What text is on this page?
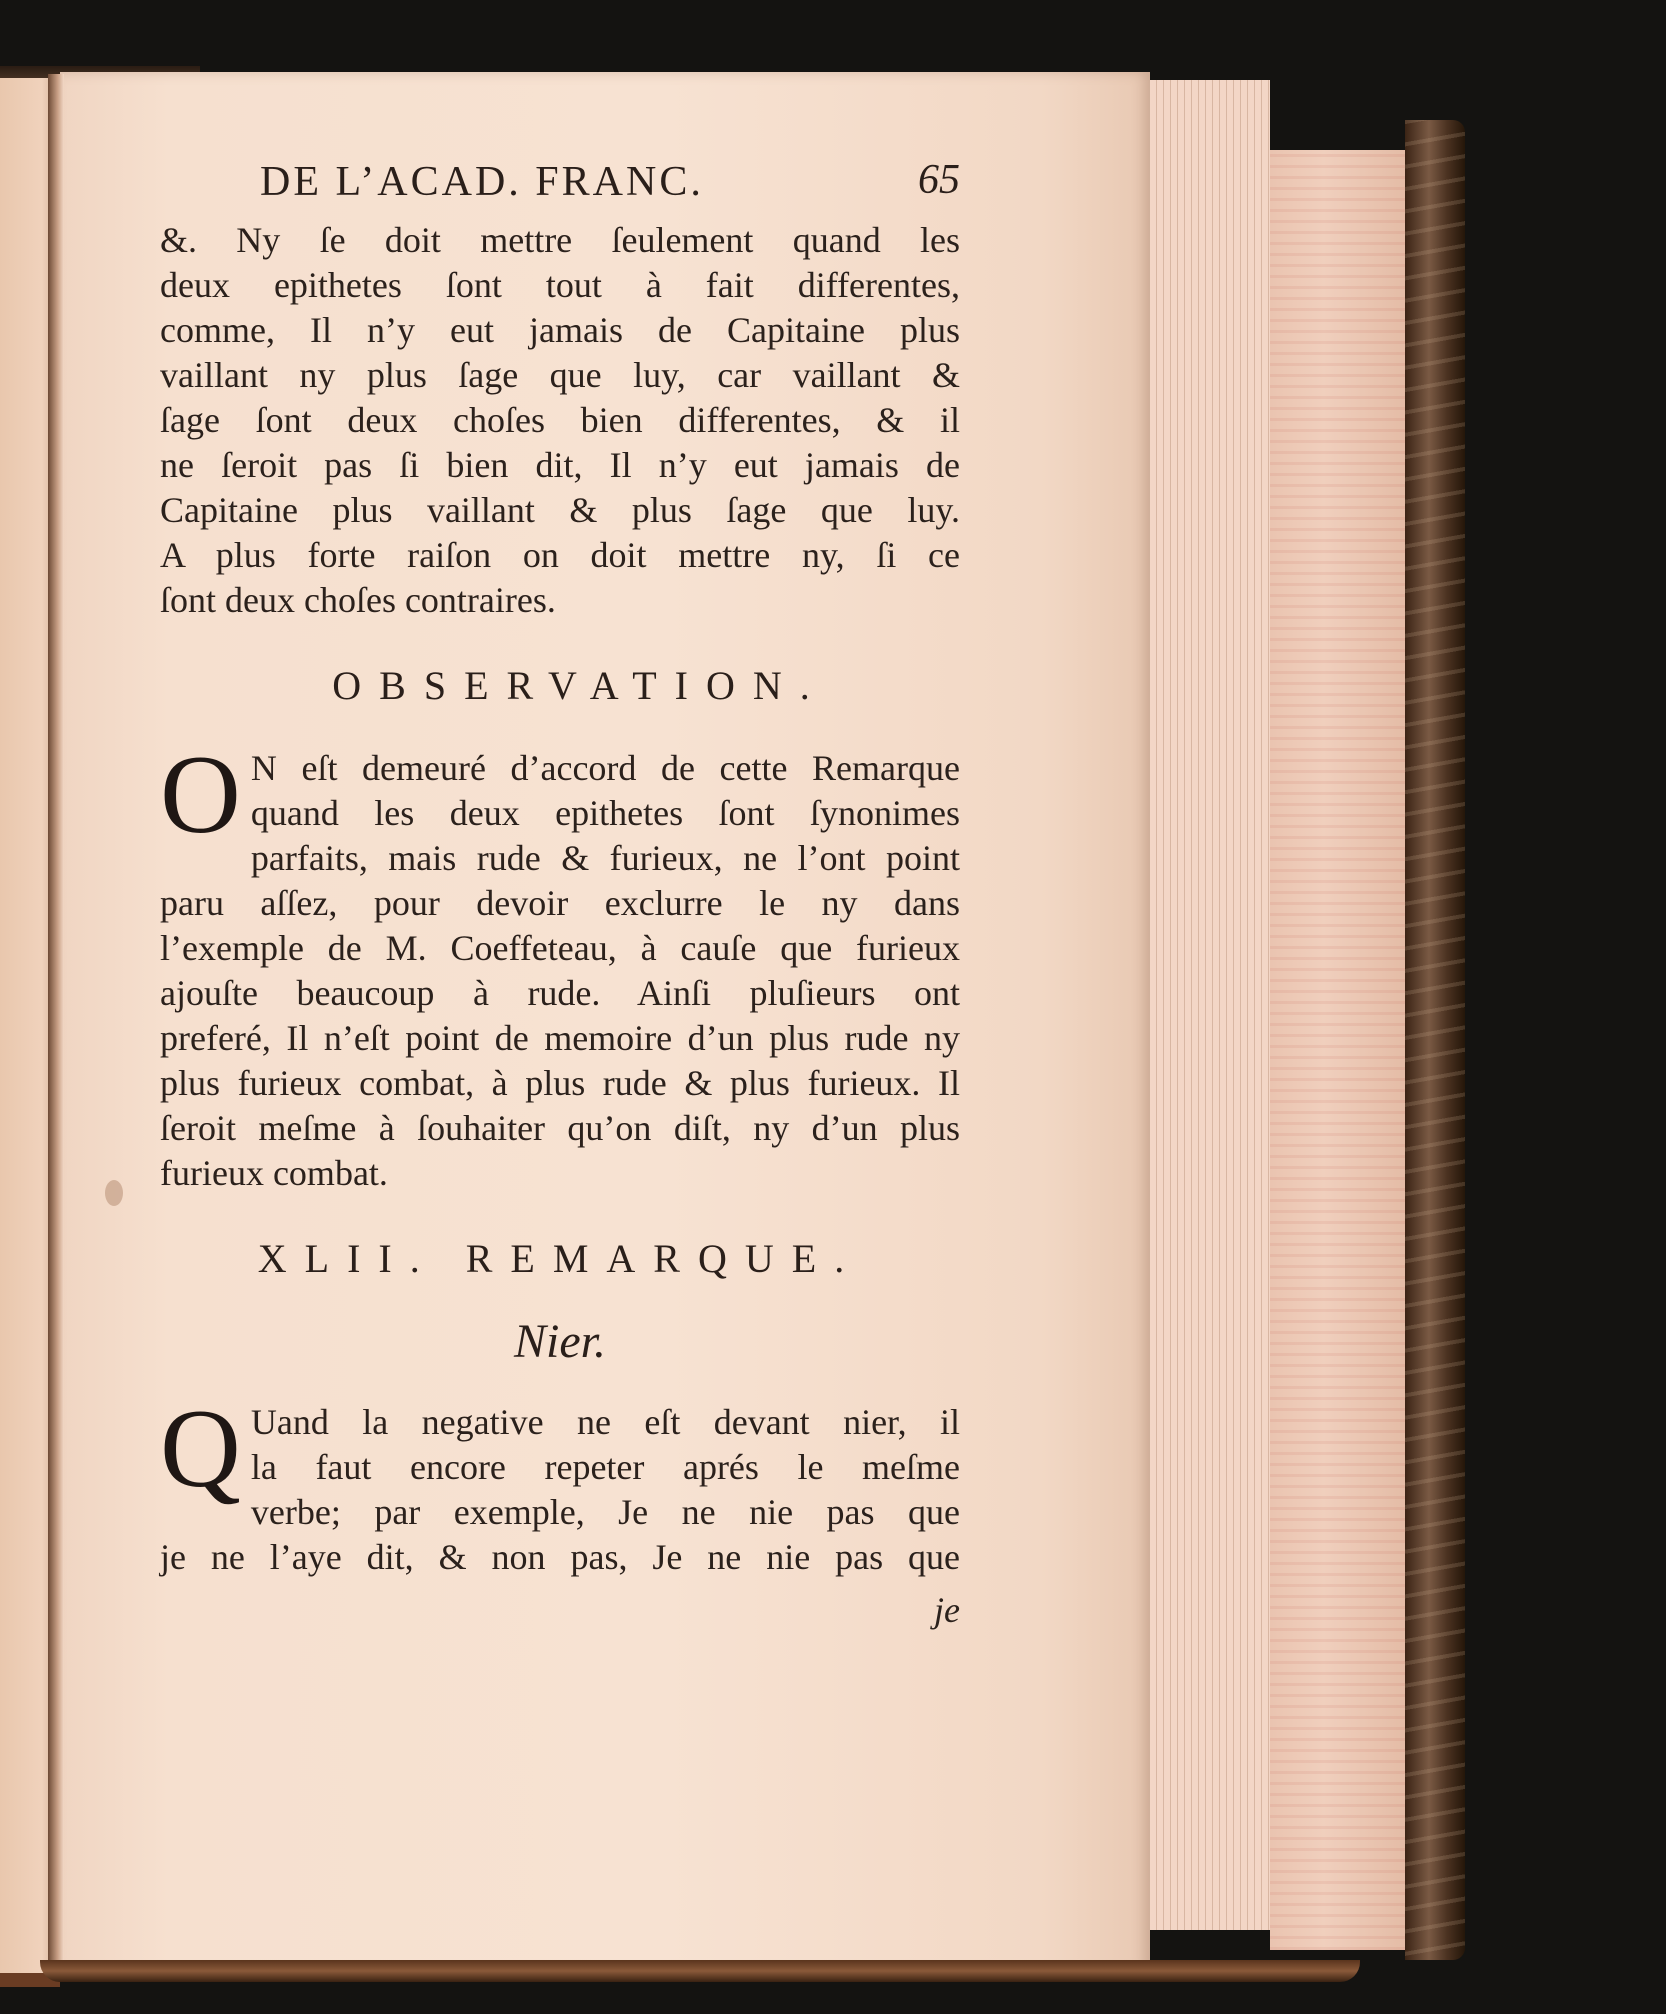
DE L’ACAD. FRANC.	65
&. Ny ſe doit mettre ſeulement quand les
deux epithetes ſont tout à fait differentes,
comme, Il n’y eut jamais de Capitaine plus
vaillant ny plus ſage que luy, car vaillant &
ſage ſont deux choſes bien differentes, & il
ne ſeroit pas ſi bien dit, Il n’y eut jamais de
Capitaine plus vaillant & plus ſage que luy.
A plus forte raiſon on doit mettre ny, ſi ce
ſont deux choſes contraires.
OBSERVATION.
O N eſt demeuré d’accord de cette Remarque
quand les deux epithetes ſont ſynonimes
parfaits, mais rude & furieux, ne l’ont point
paru aſſez, pour devoir exclurre le ny dans
l’exemple de M. Coeffeteau, à cauſe que furieux
ajouſte beaucoup à rude. Ainſi pluſieurs ont
preferé, Il n’eſt point de memoire d’un plus rude ny
plus furieux combat, à plus rude & plus furieux. Il
ſeroit meſme à ſouhaiter qu’on diſt, ny d’un plus
furieux combat.
XLII. REMARQUE.
Nier.
Q Uand la negative ne eſt devant nier, il
la faut encore repeter aprés le meſme
verbe; par exemple, Je ne nie pas que
je ne l’aye dit, & non pas, Je ne nie pas que
je
